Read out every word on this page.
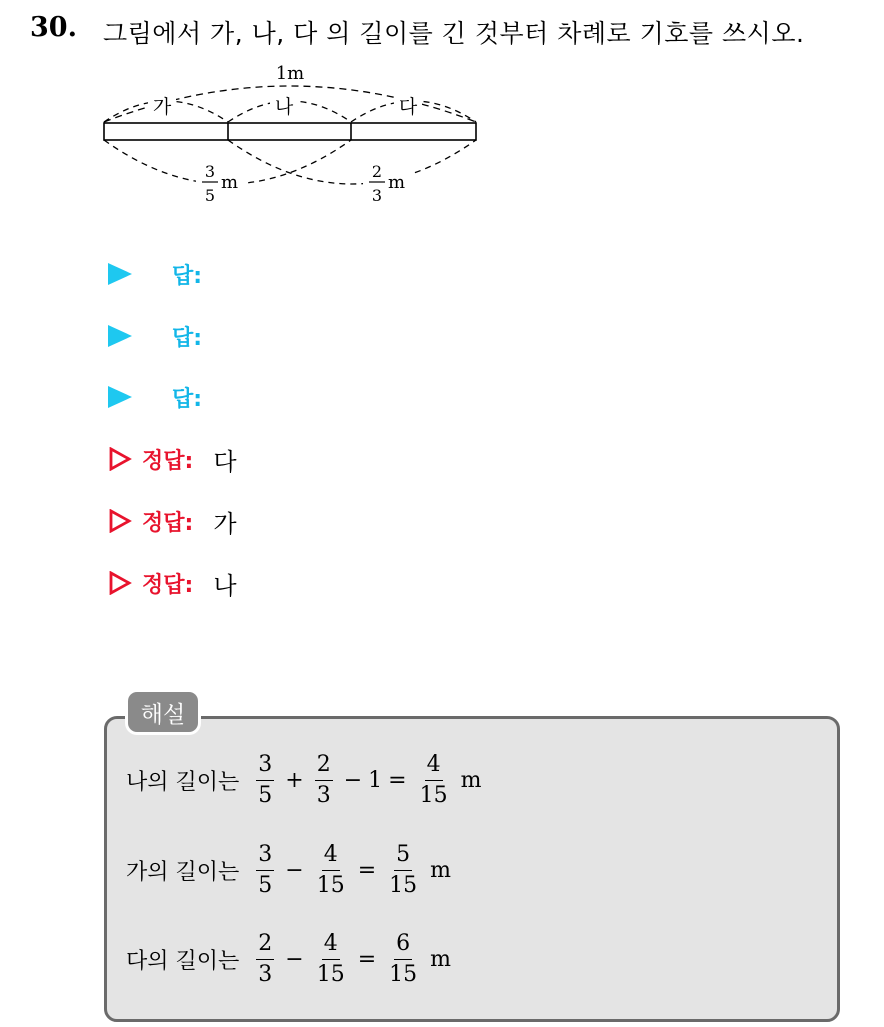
30. 그림에서 가, 나, 다 의 길이를 긴 것부터 차례로 기호를 쓰시오.
1m
가	나	다
3
5
m
2
3
m
답:
답:
답:
정답: 다
정답: 가
정답: 나
해설
나의 길이는 $\frac{3}{5} + \frac{2}{3} - 1 = \frac{4}{15}$ m
가의 길이는 $\frac{3}{5} - \frac{4}{15} = \frac{5}{15}$ m
다의 길이는 $\frac{2}{3} - \frac{4}{15} = \frac{6}{15}$ m
